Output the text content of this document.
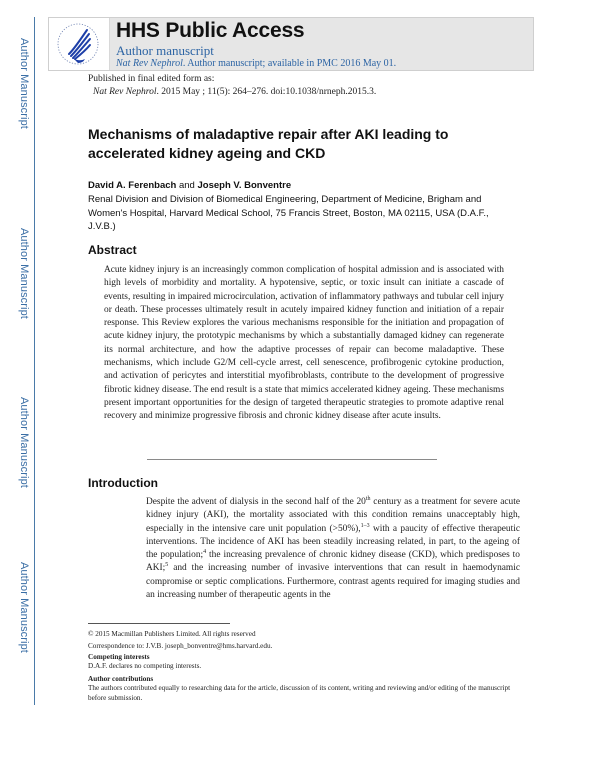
Author Manuscript
Author Manuscript
Author Manuscript
Author Manuscript
HHS Public Access
Author manuscript
Nat Rev Nephrol. Author manuscript; available in PMC 2016 May 01.
Published in final edited form as:
Nat Rev Nephrol. 2015 May ; 11(5): 264–276. doi:10.1038/nrneph.2015.3.
Mechanisms of maladaptive repair after AKI leading to accelerated kidney ageing and CKD
David A. Ferenbach and Joseph V. Bonventre
Renal Division and Division of Biomedical Engineering, Department of Medicine, Brigham and Women's Hospital, Harvard Medical School, 75 Francis Street, Boston, MA 02115, USA (D.A.F., J.V.B.)
Abstract
Acute kidney injury is an increasingly common complication of hospital admission and is associated with high levels of morbidity and mortality. A hypotensive, septic, or toxic insult can initiate a cascade of events, resulting in impaired microcirculation, activation of inflammatory pathways and tubular cell injury or death. These processes ultimately result in acutely impaired kidney function and initiation of a repair response. This Review explores the various mechanisms responsible for the initiation and propagation of acute kidney injury, the prototypic mechanisms by which a substantially damaged kidney can regenerate its normal architecture, and how the adaptive processes of repair can become maladaptive. These mechanisms, which include G2/M cell-cycle arrest, cell senescence, profibrogenic cytokine production, and activation of pericytes and interstitial myofibroblasts, contribute to the development of progressive fibrotic kidney disease. The end result is a state that mimics accelerated kidney ageing. These mechanisms present important opportunities for the design of targeted therapeutic strategies to promote adaptive renal recovery and minimize progressive fibrosis and chronic kidney disease after acute insults.
Introduction
Despite the advent of dialysis in the second half of the 20th century as a treatment for severe acute kidney injury (AKI), the mortality associated with this condition remains unacceptably high, especially in the intensive care unit population (>50%),$^{1-3}$ with a paucity of effective therapeutic interventions. The incidence of AKI has been steadily increasing related, in part, to the ageing of the population;$^4$ the increasing prevalence of chronic kidney disease (CKD), which predisposes to AKI;$^5$ and the increasing number of invasive interventions that can result in haemodynamic compromise or septic complications. Furthermore, contrast agents required for imaging studies and an increasing number of therapeutic agents in the
© 2015 Macmillan Publishers Limited. All rights reserved
Correspondence to: J.V.B. joseph_bonventre@hms.harvard.edu.
Competing interests
D.A.F. declares no competing interests.
Author contributions
The authors contributed equally to researching data for the article, discussion of its content, writing and reviewing and/or editing of the manuscript before submission.
